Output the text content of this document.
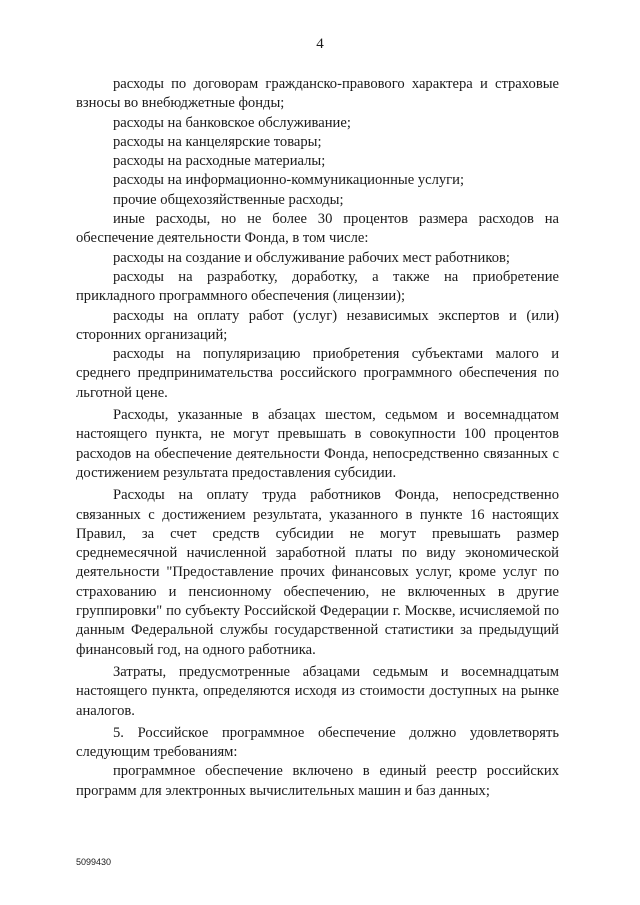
4

расходы по договорам гражданско-правового характера и страховые взносы во внебюджетные фонды;

расходы на банковское обслуживание;

расходы на канцелярские товары;

расходы на расходные материалы;

расходы на информационно-коммуникационные услуги;

прочие общехозяйственные расходы;

иные расходы, но не более 30 процентов размера расходов на обеспечение деятельности Фонда, в том числе:

расходы на создание и обслуживание рабочих мест работников;

расходы на разработку, доработку, а также на приобретение прикладного программного обеспечения (лицензии);

расходы на оплату работ (услуг) независимых экспертов и (или) сторонних организаций;

расходы на популяризацию приобретения субъектами малого и среднего предпринимательства российского программного обеспечения по льготной цене.

Расходы, указанные в абзацах шестом, седьмом и восемнадцатом настоящего пункта, не могут превышать в совокупности 100 процентов расходов на обеспечение деятельности Фонда, непосредственно связанных с достижением результата предоставления субсидии.

Расходы на оплату труда работников Фонда, непосредственно связанных с достижением результата, указанного в пункте 16 настоящих Правил, за счет средств субсидии не могут превышать размер среднемесячной начисленной заработной платы по виду экономической деятельности "Предоставление прочих финансовых услуг, кроме услуг по страхованию и пенсионному обеспечению, не включенных в другие группировки" по субъекту Российской Федерации г. Москве, исчисляемой по данным Федеральной службы государственной статистики за предыдущий финансовый год, на одного работника.

Затраты, предусмотренные абзацами седьмым и восемнадцатым настоящего пункта, определяются исходя из стоимости доступных на рынке аналогов.

5. Российское программное обеспечение должно удовлетворять следующим требованиям:

программное обеспечение включено в единый реестр российских программ для электронных вычислительных машин и баз данных;

5099430
